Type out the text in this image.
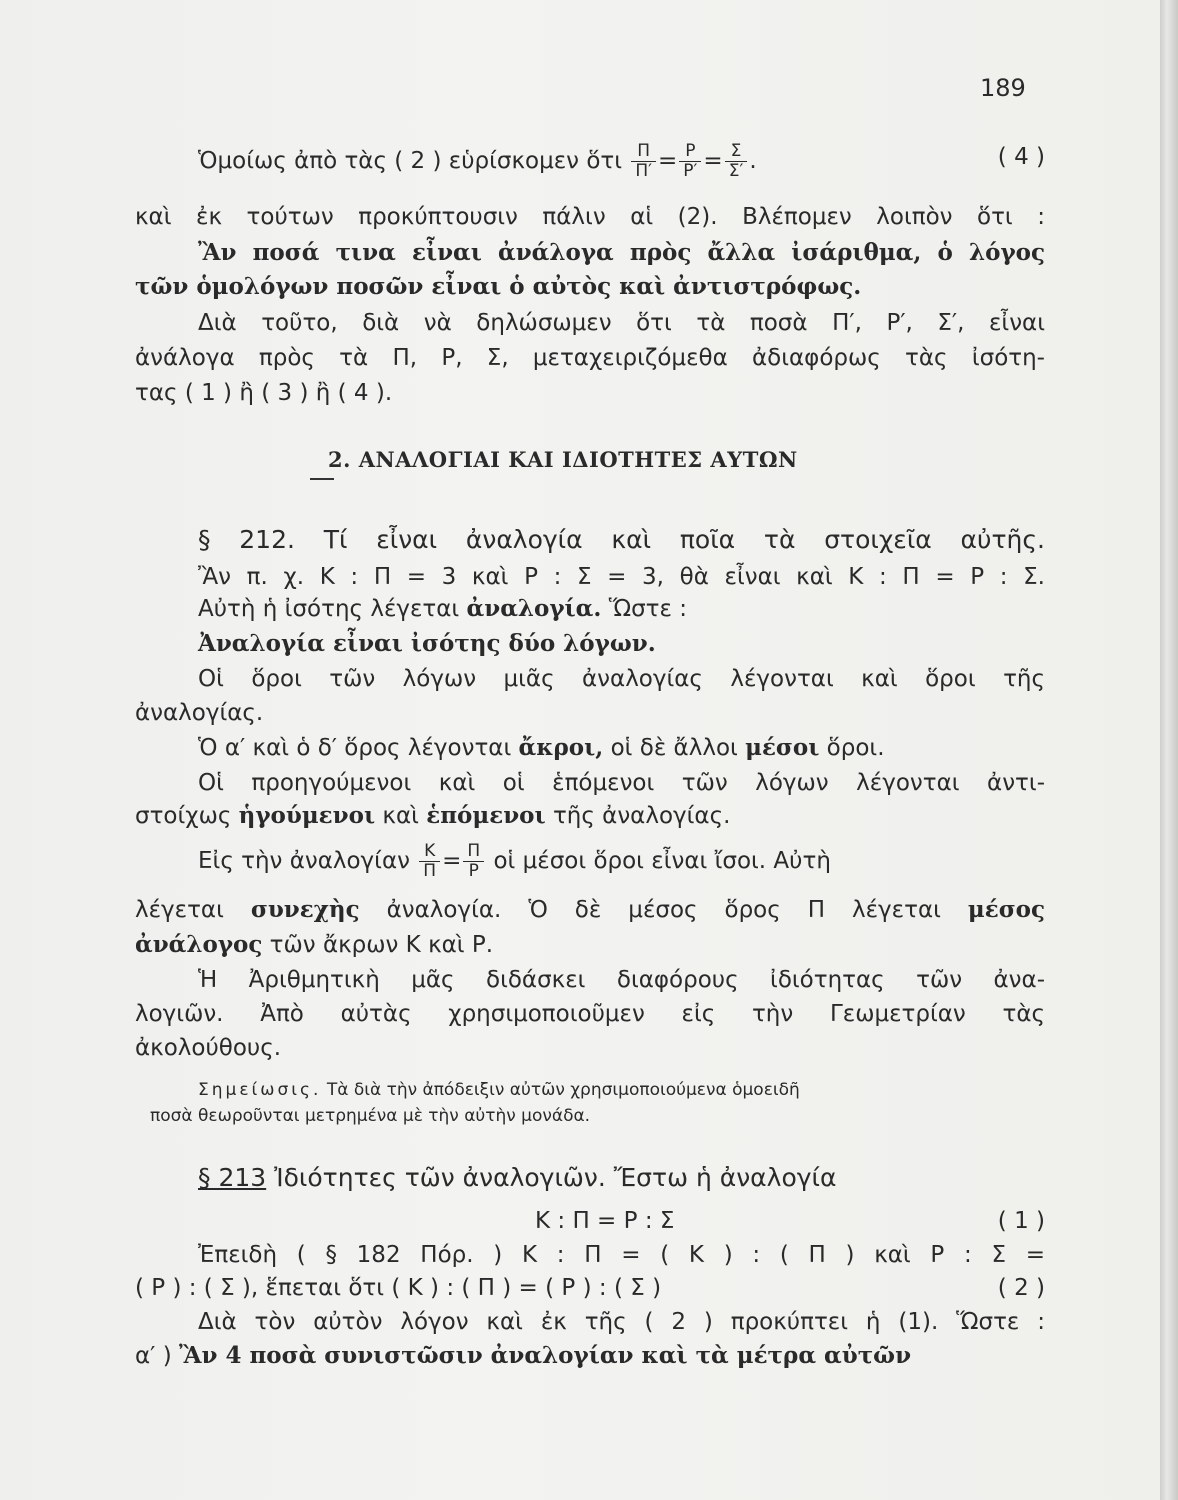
189
Ὁμοίως ἀπὸ τὰς ( 2 ) εὑρίσκομεν ὅτι $\frac{\Pi}{\Pi'} = \frac{P}{P'} = \frac{\Sigma}{\Sigma'}$ .	( 4 )
καὶ ἐκ τούτων προκύπτουσιν πάλιν αἱ (2). Βλέπομεν λοιπὸν ὅτι :
Ἂν ποσά τινα εἶναι ἀνάλογα πρὸς ἄλλα ἰσάριθμα, ὁ λόγος
τῶν ὁμολόγων ποσῶν εἶναι ὁ αὐτὸς καὶ ἀντιστρόφως.
Διὰ τοῦτο, διὰ νὰ δηλώσωμεν ὅτι τὰ ποσὰ Π′, Ρ′, Σ′, εἶναι
ἀνάλογα πρὸς τὰ Π, Ρ, Σ, μεταχειριζόμεθα ἀδιαφόρως τὰς ἰσότη-
τας ( 1 ) ἢ ( 3 ) ἢ ( 4 ).
2. ΑΝΑΛΟΓΙΑΙ ΚΑΙ ΙΔΙΟΤΗΤΕΣ ΑΥΤΩΝ
§ 212. Τί εἶναι ἀναλογία καὶ ποῖα τὰ στοιχεῖα αὐτῆς.
Ἂν π. χ. Κ : Π = 3 καὶ Ρ : Σ = 3, θὰ εἶναι καὶ Κ : Π = Ρ : Σ.
Αὐτὴ ἡ ἰσότης λέγεται ἀναλογία. Ὥστε :
Ἀναλογία εἶναι ἰσότης δύο λόγων.
Οἱ ὅροι τῶν λόγων μιᾶς ἀναλογίας λέγονται καὶ ὅροι τῆς
ἀναλογίας.
Ὁ α′ καὶ ὁ δ′ ὅρος λέγονται ἄκροι, οἱ δὲ ἄλλοι μέσοι ὅροι.
Οἱ προηγούμενοι καὶ οἱ ἑπόμενοι τῶν λόγων λέγονται ἀντι-
στοίχως ἡγούμενοι καὶ ἑπόμενοι τῆς ἀναλογίας.
Εἰς τὴν ἀναλογίαν $\frac{K}{\Pi} = \frac{\Pi}{P}$ οἱ μέσοι ὅροι εἶναι ἴσοι. Αὐτὴ
λέγεται συνεχὴς ἀναλογία. Ὁ δὲ μέσος ὅρος Π λέγεται μέσος
ἀνάλογος τῶν ἄκρων Κ καὶ Ρ.
Ἡ Ἀριθμητικὴ μᾶς διδάσκει διαφόρους ἰδιότητας τῶν ἀνα-
λογιῶν. Ἀπὸ αὐτὰς χρησιμοποιοῦμεν εἰς τὴν Γεωμετρίαν τὰς
ἀκολούθους.
Σημείωσις. Τὰ διὰ τὴν ἀπόδειξιν αὐτῶν χρησιμοποιούμενα ὁμοειδῆ
ποσὰ θεωροῦνται μετρημένα μὲ τὴν αὐτὴν μονάδα.
§ 213 Ἰδιότητες τῶν ἀναλογιῶν. Ἔστω ἡ ἀναλογία
Κ : Π = Ρ : Σ	( 1 )
Ἐπειδὴ ( § 182 Πόρ. ) Κ : Π = ( Κ ) : ( Π ) καὶ Ρ : Σ =
( Ρ ) : ( Σ ), ἕπεται ὅτι ( Κ ) : ( Π ) = ( Ρ ) : ( Σ )	( 2 )
Διὰ τὸν αὐτὸν λόγον καὶ ἐκ τῆς ( 2 ) προκύπτει ἡ (1). Ὥστε :
α′ ) Ἂν 4 ποσὰ συνιστῶσιν ἀναλογίαν καὶ τὰ μέτρα αὐτῶν
